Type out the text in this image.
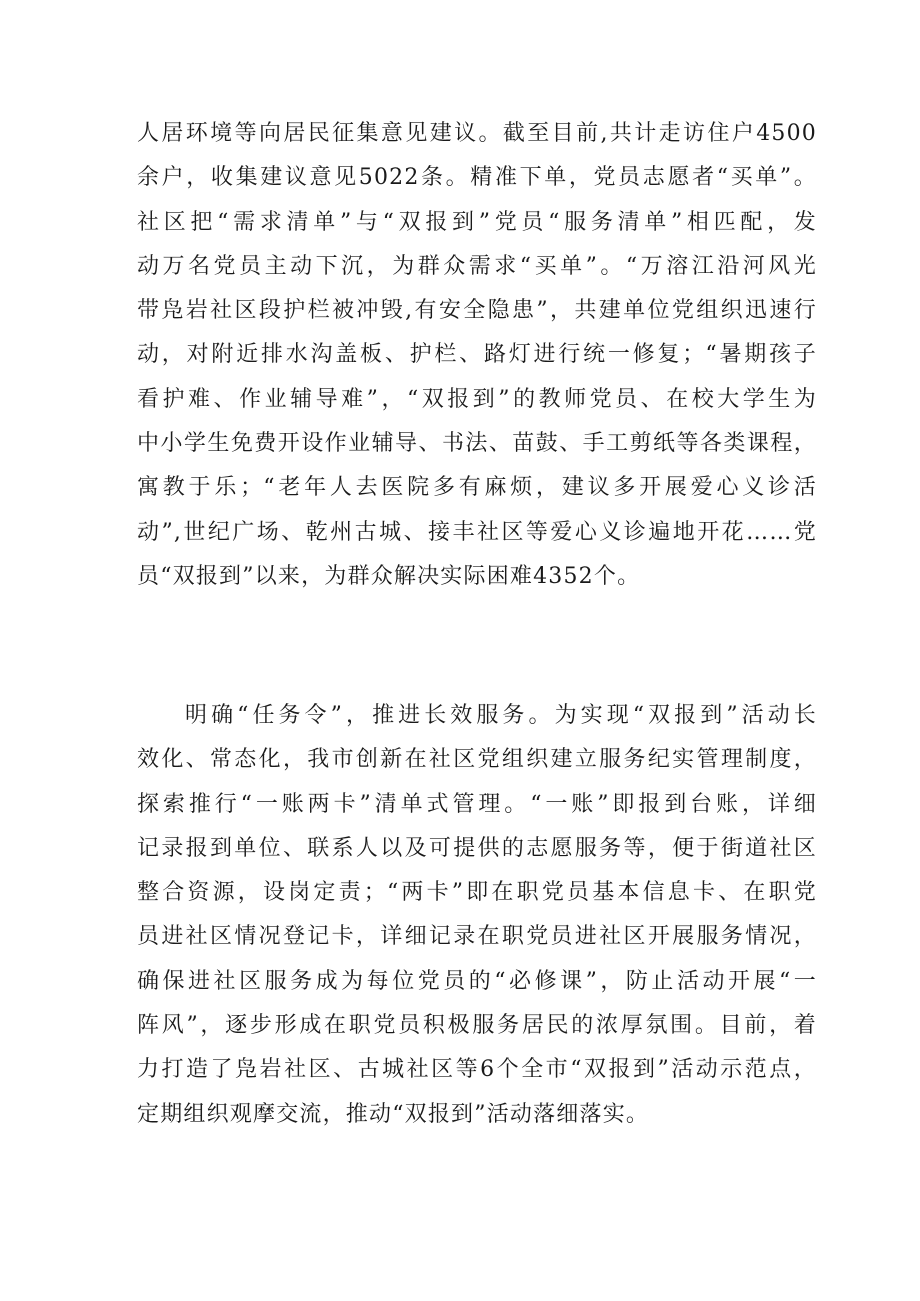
人居环境等向居民征集意见建议。截至目前,共计走访住户4500
余户，收集建议意见5022条。精准下单，党员志愿者“买单”。
社区把“需求清单”与“双报到”党员“服务清单”相匹配，发
动万名党员主动下沉，为群众需求“买单”。“万溶江沿河风光
带凫岩社区段护栏被冲毁,有安全隐患”，共建单位党组织迅速行
动，对附近排水沟盖板、护栏、路灯进行统一修复；“暑期孩子
看护难、作业辅导难”，“双报到”的教师党员、在校大学生为
中小学生免费开设作业辅导、书法、苗鼓、手工剪纸等各类课程，
寓教于乐；“老年人去医院多有麻烦，建议多开展爱心义诊活
动”,世纪广场、乾州古城、接丰社区等爱心义诊遍地开花……党
员“双报到”以来，为群众解决实际困难4352个。
明确“任务令”，推进长效服务。为实现“双报到”活动长
效化、常态化，我市创新在社区党组织建立服务纪实管理制度，
探索推行“一账两卡”清单式管理。“一账”即报到台账，详细
记录报到单位、联系人以及可提供的志愿服务等，便于街道社区
整合资源，设岗定责；“两卡”即在职党员基本信息卡、在职党
员进社区情况登记卡，详细记录在职党员进社区开展服务情况，
确保进社区服务成为每位党员的“必修课”，防止活动开展“一
阵风”，逐步形成在职党员积极服务居民的浓厚氛围。目前，着
力打造了凫岩社区、古城社区等6个全市“双报到”活动示范点，
定期组织观摩交流，推动“双报到”活动落细落实。
